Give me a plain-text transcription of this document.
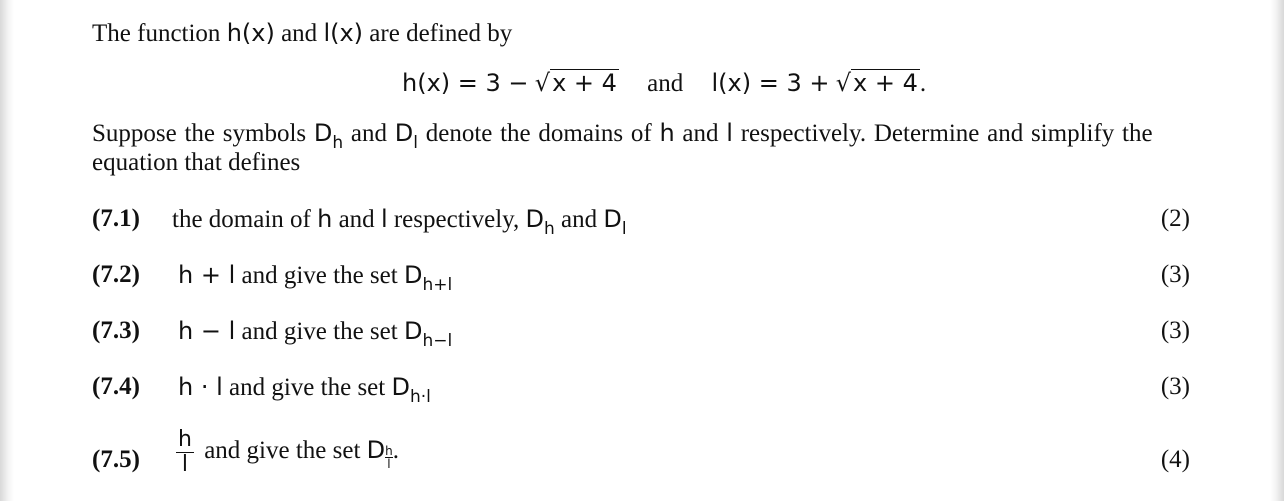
The function h(x) and l(x) are defined by
h(x) = 3 − √x + 4 and l(x) = 3 + √x + 4.
Suppose the symbols $D_h$ and $D_l$ denote the domains of h and l respectively. Determine and simplify the
equation that defines
(7.1) the domain of h and l respectively, $D_h$ and $D_l$	(2)
(7.2) h + l and give the set $D_{h+l}$	(3)
(7.3) h − l and give the set $D_{h-l}$	(3)
(7.4) h · l and give the set $D_{h\cdot l}$	(3)
$(7.5) \frac{h}{l}$ and give the set D $\frac{h}{l}$ .	(4)
